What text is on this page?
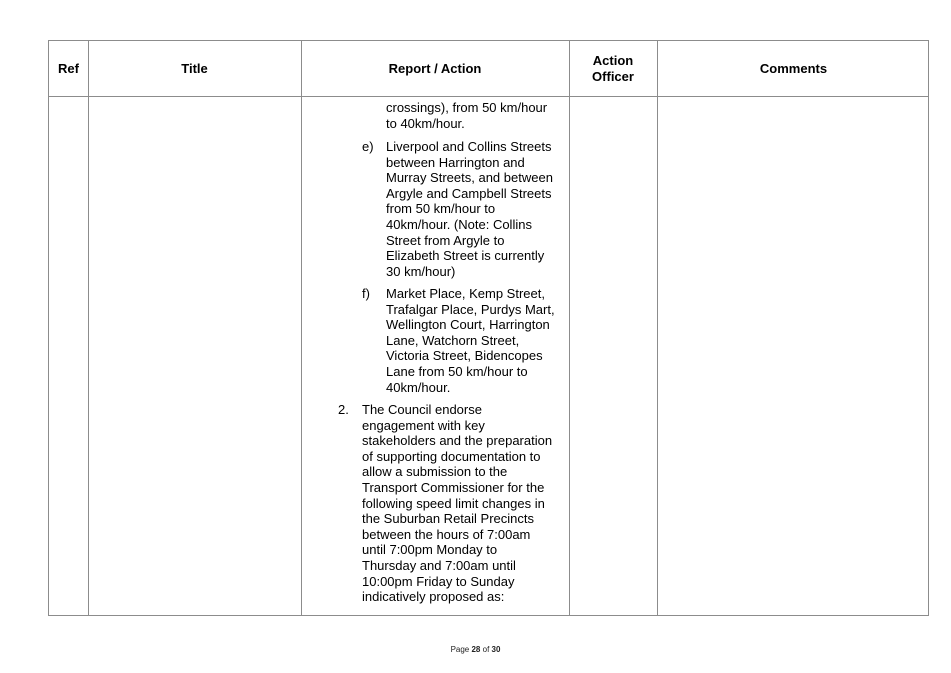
Ref	Title	Report / Action
Action
Officer
Comments
crossings), from 50 km/hour
to 40km/hour.
e) Liverpool and Collins Streets
between Harrington and
Murray Streets, and between
Argyle and Campbell Streets
from 50 km/hour to
40km/hour. (Note: Collins
Street from Argyle to
Elizabeth Street is currently
30 km/hour)
f) Market Place, Kemp Street,
Trafalgar Place, Purdys Mart,
Wellington Court, Harrington
Lane, Watchorn Street,
Victoria Street, Bidencopes
Lane from 50 km/hour to
40km/hour.
2. The Council endorse
engagement with key
stakeholders and the preparation
of supporting documentation to
allow a submission to the
Transport Commissioner for the
following speed limit changes in
the Suburban Retail Precincts
between the hours of 7:00am
until 7:00pm Monday to
Thursday and 7:00am until
10:00pm Friday to Sunday
indicatively proposed as:
Page 28 of 30
